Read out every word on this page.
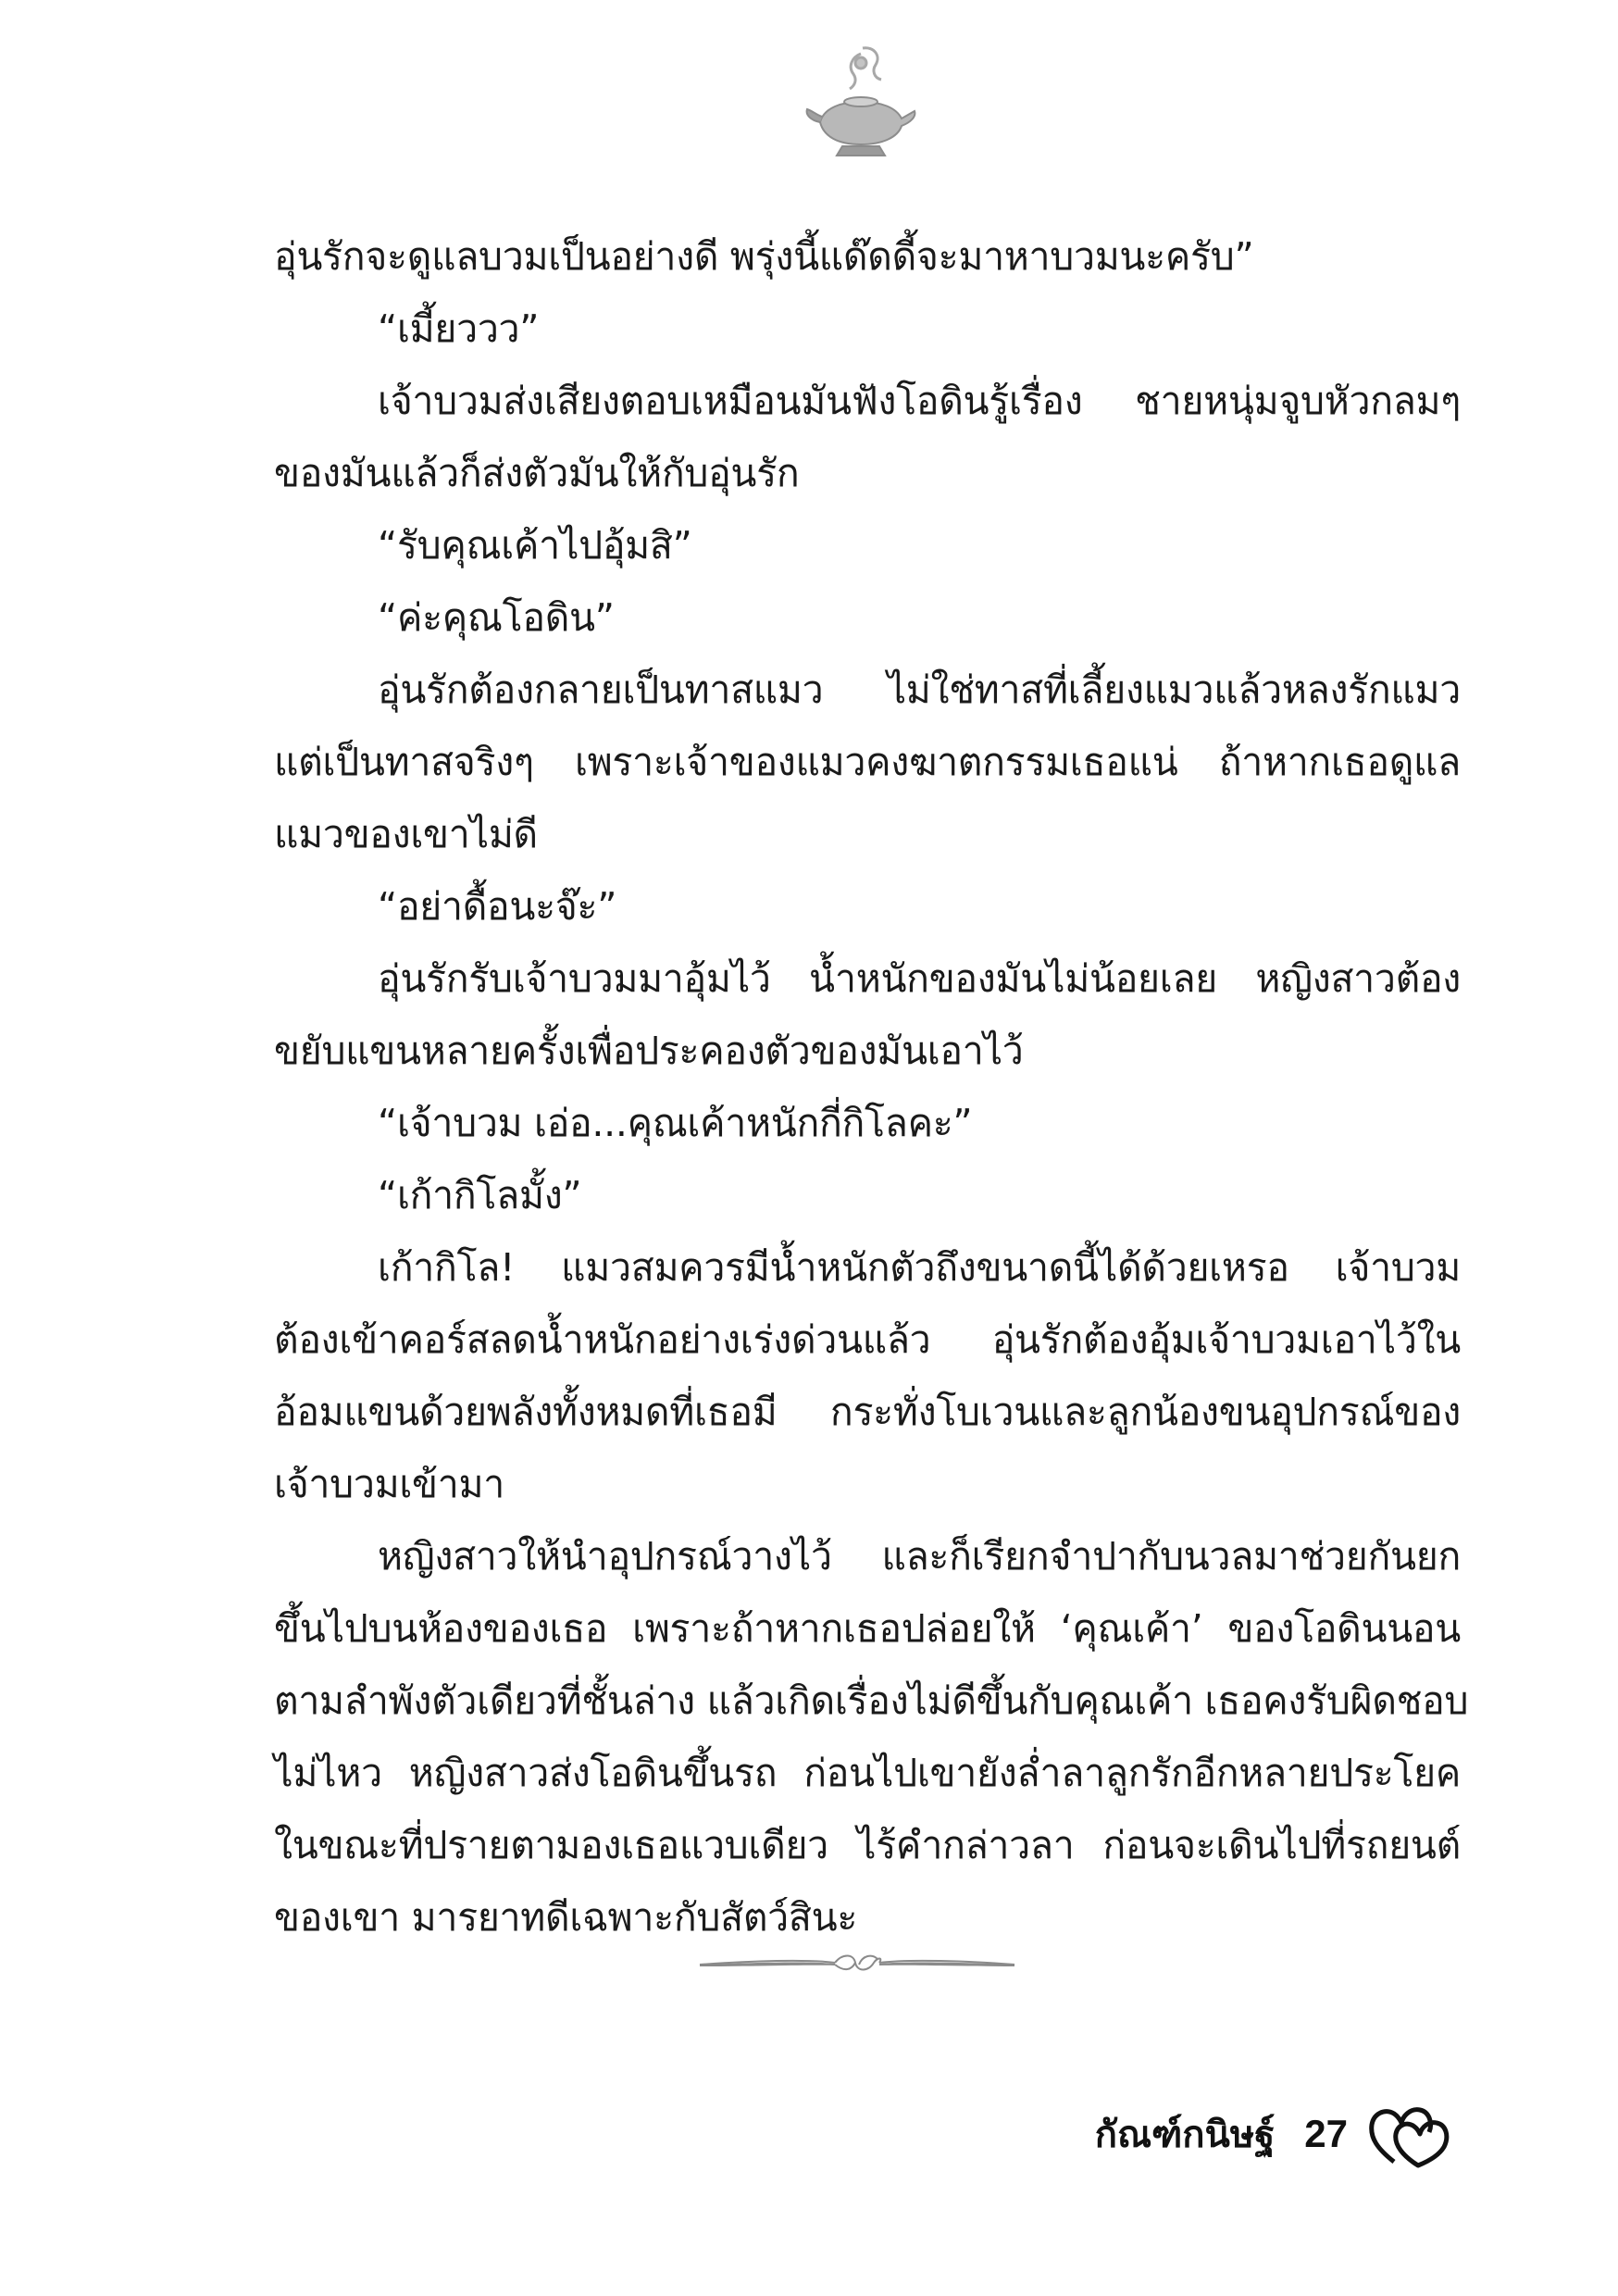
อุ่นรักจะดูแลบวมเป็นอย่างดี พรุ่งนี้แด๊ดดี้จะมาหาบวมนะครับ”
“เมี้ยววว”
เจ้าบวมส่งเสียงตอบเหมือนมันฟังโอดินรู้เรื่อง ชายหนุ่มจูบหัวกลมๆ
ของมันแล้วก็ส่งตัวมันให้กับอุ่นรัก
“รับคุณเค้าไปอุ้มสิ”
“ค่ะคุณโอดิน”
อุ่นรักต้องกลายเป็นทาสแมว ไม่ใช่ทาสที่เลี้ยงแมวแล้วหลงรักแมว
แต่เป็นทาสจริงๆ เพราะเจ้าของแมวคงฆาตกรรมเธอแน่ ถ้าหากเธอดูแล
แมวของเขาไม่ดี
“อย่าดื้อนะจ๊ะ”
อุ่นรักรับเจ้าบวมมาอุ้มไว้ น้ำหนักของมันไม่น้อยเลย หญิงสาวต้อง
ขยับแขนหลายครั้งเพื่อประคองตัวของมันเอาไว้
“เจ้าบวม เอ่อ...คุณเค้าหนักกี่กิโลคะ”
“เก้ากิโลมั้ง”
เก้ากิโล! แมวสมควรมีน้ำหนักตัวถึงขนาดนี้ได้ด้วยเหรอ เจ้าบวม
ต้องเข้าคอร์สลดน้ำหนักอย่างเร่งด่วนแล้ว อุ่นรักต้องอุ้มเจ้าบวมเอาไว้ใน
อ้อมแขนด้วยพลังทั้งหมดที่เธอมี กระทั่งโบเวนและลูกน้องขนอุปกรณ์ของ
เจ้าบวมเข้ามา
หญิงสาวให้นำอุปกรณ์วางไว้ และก็เรียกจำปากับนวลมาช่วยกันยก
ขึ้นไปบนห้องของเธอ เพราะถ้าหากเธอปล่อยให้ ‘คุณเค้า’ ของโอดินนอน
ตามลำพังตัวเดียวที่ชั้นล่าง แล้วเกิดเรื่องไม่ดีขึ้นกับคุณเค้า เธอคงรับผิดชอบ
ไม่ไหว หญิงสาวส่งโอดินขึ้นรถ ก่อนไปเขายังล่ำลาลูกรักอีกหลายประโยค
ในขณะที่ปรายตามองเธอแวบเดียว ไร้คำกล่าวลา ก่อนจะเดินไปที่รถยนต์
ของเขา มารยาทดีเฉพาะกับสัตว์สินะ
กัณฑ์กนิษฐ์ 27
